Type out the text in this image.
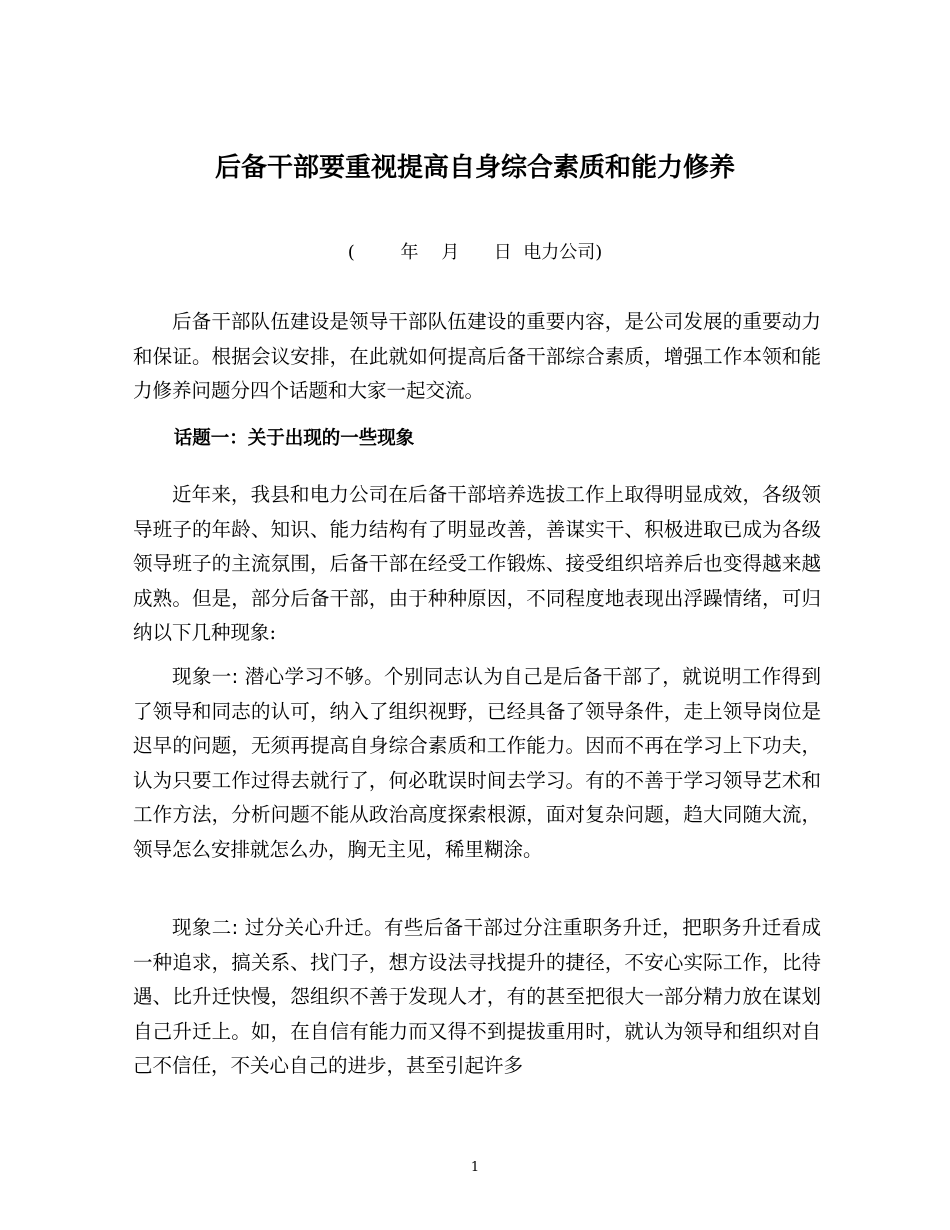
后备干部要重视提高自身综合素质和能力修养
(        年    月      日  电力公司)

后备干部队伍建设是领导干部队伍建设的重要内容，是公司发展的重要动力和保证。根据会议安排，在此就如何提高后备干部综合素质，增强工作本领和能力修养问题分四个话题和大家一起交流。

话题一：关于出现的一些现象

近年来，我县和电力公司在后备干部培养选拔工作上取得明显成效，各级领导班子的年龄、知识、能力结构有了明显改善，善谋实干、积极进取已成为各级领导班子的主流氛围，后备干部在经受工作锻炼、接受组织培养后也变得越来越成熟。但是，部分后备干部，由于种种原因，不同程度地表现出浮躁情绪，可归纳以下几种现象:

现象一: 潜心学习不够。个别同志认为自己是后备干部了，就说明工作得到了领导和同志的认可，纳入了组织视野，已经具备了领导条件，走上领导岗位是迟早的问题，无须再提高自身综合素质和工作能力。因而不再在学习上下功夫，认为只要工作过得去就行了，何必耽误时间去学习。有的不善于学习领导艺术和工作方法，分析问题不能从政治高度探索根源，面对复杂问题，趋大同随大流，领导怎么安排就怎么办，胸无主见，稀里糊涂。

现象二: 过分关心升迁。有些后备干部过分注重职务升迁，把职务升迁看成一种追求，搞关系、找门子，想方设法寻找提升的捷径，不安心实际工作，比待遇、比升迁快慢，怨组织不善于发现人才，有的甚至把很大一部分精力放在谋划自己升迁上。如，在自信有能力而又得不到提拔重用时，就认为领导和组织对自己不信任，不关心自己的进步，甚至引起许多

1
